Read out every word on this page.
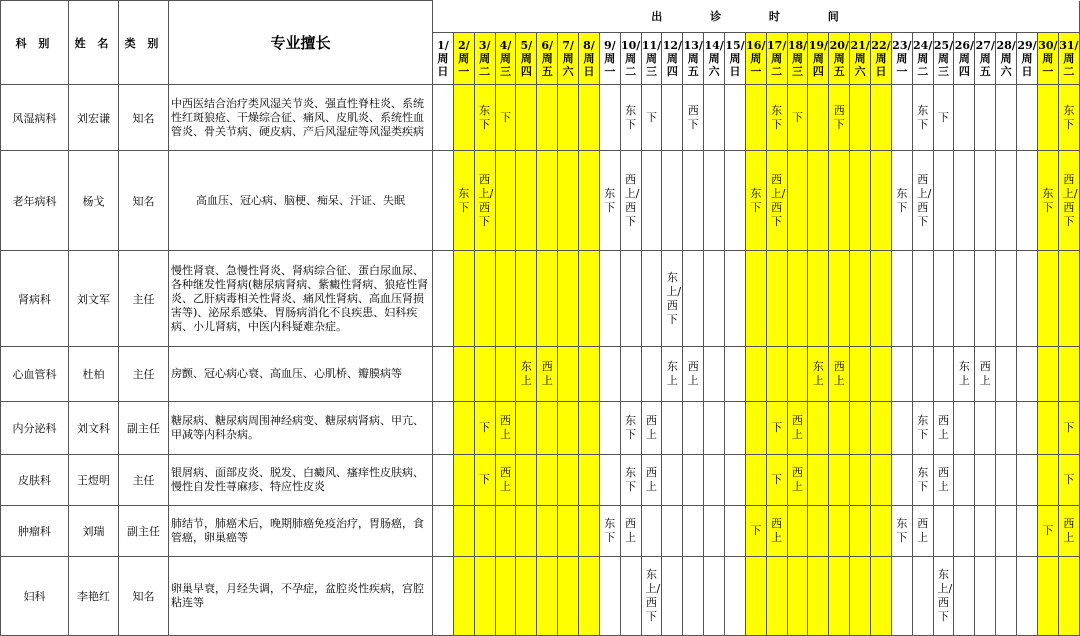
科 别	姓 名	类 别	专业擅长	出 诊 时 间																														

				1/
周
日	2/
周
一	3/
周
二	4/
周
三	5/
周
四	6/
周
五	7/
周
六	8/
周
日	9/
周
一	10/
周
二	11/
周
三	12/
周
四	13/
周
五	14/
周
六	15/
周
日	16/
周
一	17/
周
二	18/
周
三	19/
周
四	20/
周
五	21/
周
六	22/
周
日	23/
周
一	24/
周
二	25/
周
三	26/
周
四	27/
周
五	28/
周
六	29/
周
日	30/
周
一	31/
周
二

风湿病科	刘宏谦	知名	中西医结合治疗类风湿关节炎、强直性脊柱炎、系统性红斑狼疮、干燥综合征、痛风、皮肌炎、系统性血管炎、骨关节病、硬皮病、产后风湿症等风湿类疾病			东下	下						东下	下		西下				东下	下		西下				东下	下						东下
老年病科	杨戈	知名	高血压、冠心病、脑梗、痴呆、汗证、失眠		东下	西上/西下						东下	西上/西下						东下	西上/西下						东下	西上/西下						东下	西上/西下
肾病科	刘文军	主任	慢性肾衰、急慢性肾炎、肾病综合征、蛋白尿血尿、各种继发性肾病(糖尿病肾病、紫癜性肾病、狼疮性肾炎、乙肝病毒相关性肾炎、痛风性肾病、高血压肾损害等)、泌尿系感染、胃肠病消化不良疾患、妇科疾病、小儿肾病，中医内科疑难杂症。												东上/西下																			
心血管科	杜柏	主任	房颤、冠心病心衰、高血压、心肌桥、瓣膜病等					东上	西上						东上	西上						东上	西上						东上	西上				
内分泌科	刘文科	副主任	糖尿病、糖尿病周围神经病变、糖尿病肾病、甲亢、甲减等内科杂病。			下	西上						东下	西上						下	西上						东下	西上						下
皮肤科	王煜明	主任	银屑病、面部皮炎、脱发、白癜风、瘙痒性皮肤病、慢性自发性荨麻疹、特应性皮炎			下	西上						东下	西上						下	西上						东下	西上						下
肿瘤科	刘瑞	副主任	肺结节，肺癌术后，晚期肺癌免疫治疗，胃肠癌，食管癌，卵巢癌等									东下	西上						下	西上						东下	西上						下	西上
妇科	李艳红	知名	卵巢早衰，月经失调，不孕症，盆腔炎性疾病，宫腔粘连等											东上/西下														东上/西下						
